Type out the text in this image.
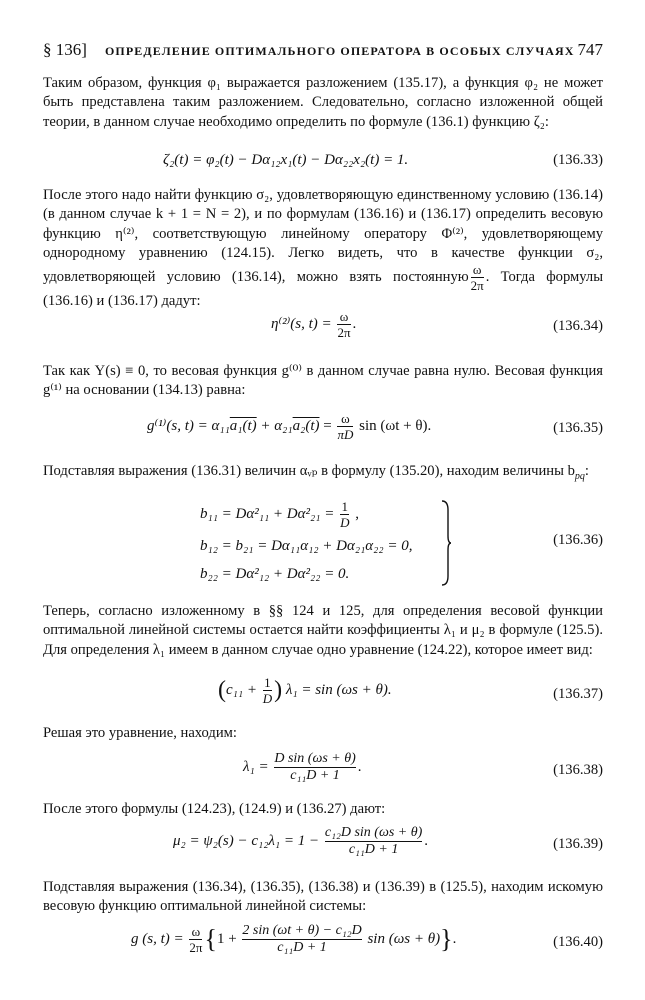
§ 136] ОПРЕДЕЛЕНИЕ ОПТИМАЛЬНОГО ОПЕРАТОРА В ОСОБЫХ СЛУЧАЯХ 747

Таким образом, функция φ₁ выражается разложением (135.17), а функция φ₂ не может быть представлена таким разложением. Следовательно, согласно изложенной общей теории, в данном случае необходимо определить по формуле (136.1) функцию ζ₂:

ζ₂(t) = φ₂(t) − Dα₁₂x₁(t) − Dα₂₂x₂(t) = 1.	(136.33)

После этого надо найти функцию σ₂, удовлетворяющую единственному условию (136.14) (в данном случае k + 1 = N = 2), и по формулам (136.16) и (136.17) определить весовую функцию η⁽²⁾, соответствующую линейному оператору Φ⁽²⁾, удовлетворяющему однородному уравнению (124.15). Легко видеть, что в качестве функции σ₂, удовлетворяющей условию (136.14), можно взять постоянную $\frac{\omega}{2\pi}$ . Тогда формулы (136.16) и (136.17) дадут:

η⁽²⁾(s, $t) = \frac{\omega}{2\pi}$ .	(136.34)

Так как Y(s) ≡ 0, то весовая функция g⁽⁰⁾ в данном случае равна нулю. Весовая функция g⁽¹⁾ на основании (134.13) равна:

g⁽¹⁾(s, $t) = \alpha_{11}a_1(t) + \alpha_{21}a_2(t) = \frac{\omega}{\pi D}$ sin (ωt + θ).	(136.35)

Подставляя выражения (136.31) величин αᵥₚ в формулу (135.20), находим величины $b_{pq}$:

$b_{11} = D\alpha^2_{11} + D\alpha^2_{21} = \frac{1}{D}$ ,
b₁₂ = b₂₁ = Dα₁₁α₁₂ + Dα₂₁α₂₂ = 0,
b₂₂ = Dα²₁₂ + Dα²₂₂ = 0.
(136.36)

Теперь, согласно изложенному в §§ 124 и 125, для определения весовой функции оптимальной линейной системы остается найти коэффициенты λ₁ и μ₂ в формуле (125.5). Для определения λ₁ имеем в данном случае одно уравнение (124.22), которое имеет вид:

($c_{11} + \frac{1}{D}$ ) λ₁ = sin (ωs + θ).	(136.37)

Решая это уравнение, находим:

$\lambda_1 = \frac{\text{D sin (ωs + θ)}}{\text{c₁₁D + 1}}$ .	(136.38)

После этого формулы (124.23), (124.9) и (136.27) дают:

$\mu_2 = \psi_2(s) - c_{12}\lambda_1 = 1 - \frac{\text{c₁₂D sin (ωs + θ)}}{\text{c₁₁D + 1}}$ .	(136.39)

Подставляя выражения (136.34), (136.35), (136.38) и (136.39) в (125.5), находим искомую весовую функцию оптимальной линейной системы:

g (s, $t) = \frac{\omega}{2\pi} \{1 + \frac{\text{2 sin (ωt + θ) − c₁₂D}}{\text{c₁₁D + 1}}$ sin (ωs + θ)}.	(136.40)
